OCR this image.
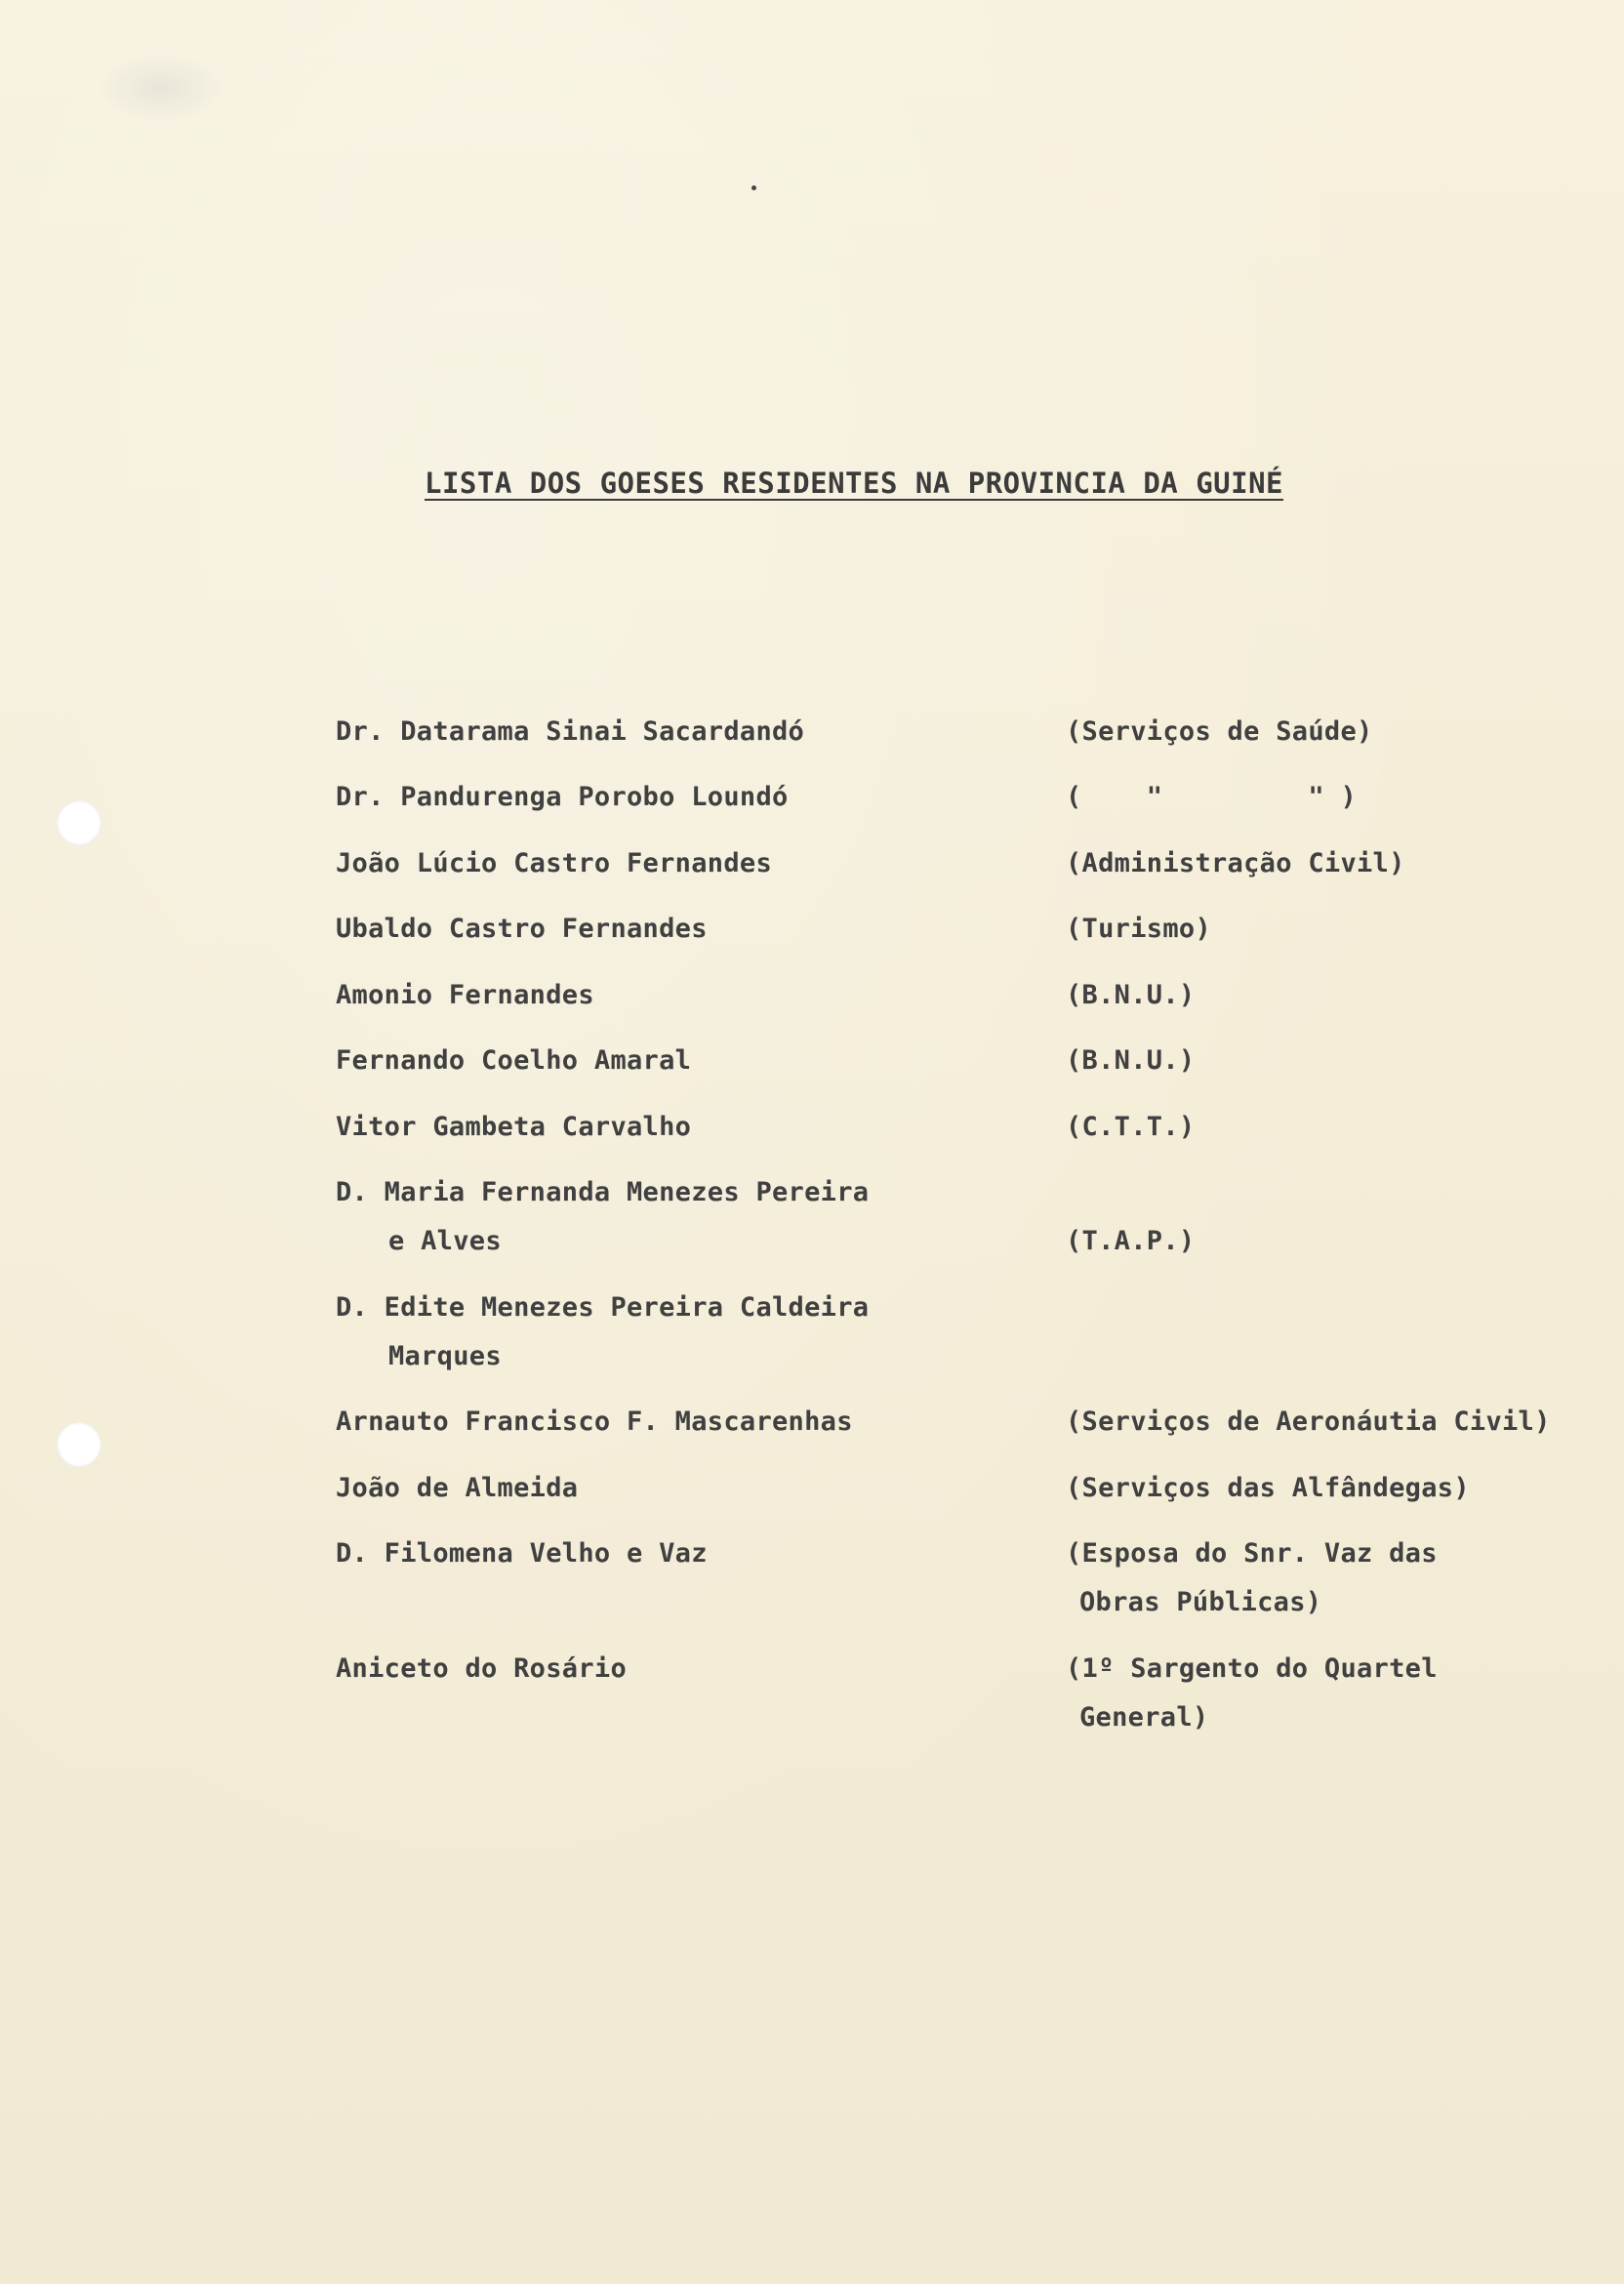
LISTA DOS GOESES RESIDENTES NA PROVINCIA DA GUINÉ
Dr. Datarama Sinai Sacardandó	(Serviços de Saúde)
Dr. Pandurenga Porobo Loundó	(    "         " )
João Lúcio Castro Fernandes	(Administração Civil)
Ubaldo Castro Fernandes	(Turismo)
Amonio Fernandes	(B.N.U.)
Fernando Coelho Amaral	(B.N.U.)
Vitor Gambeta Carvalho	(C.T.T.)
D. Maria Fernanda Menezes Pereira
e Alves	(T.A.P.)
D. Edite Menezes Pereira Caldeira
Marques
Arnauto Francisco F. Mascarenhas	(Serviços de Aeronáutia Civil)
João de Almeida	(Serviços das Alfândegas)
D. Filomena Velho e Vaz	(Esposa do Snr. Vaz das
Obras Públicas)
Aniceto do Rosário	(1º Sargento do Quartel
General)
